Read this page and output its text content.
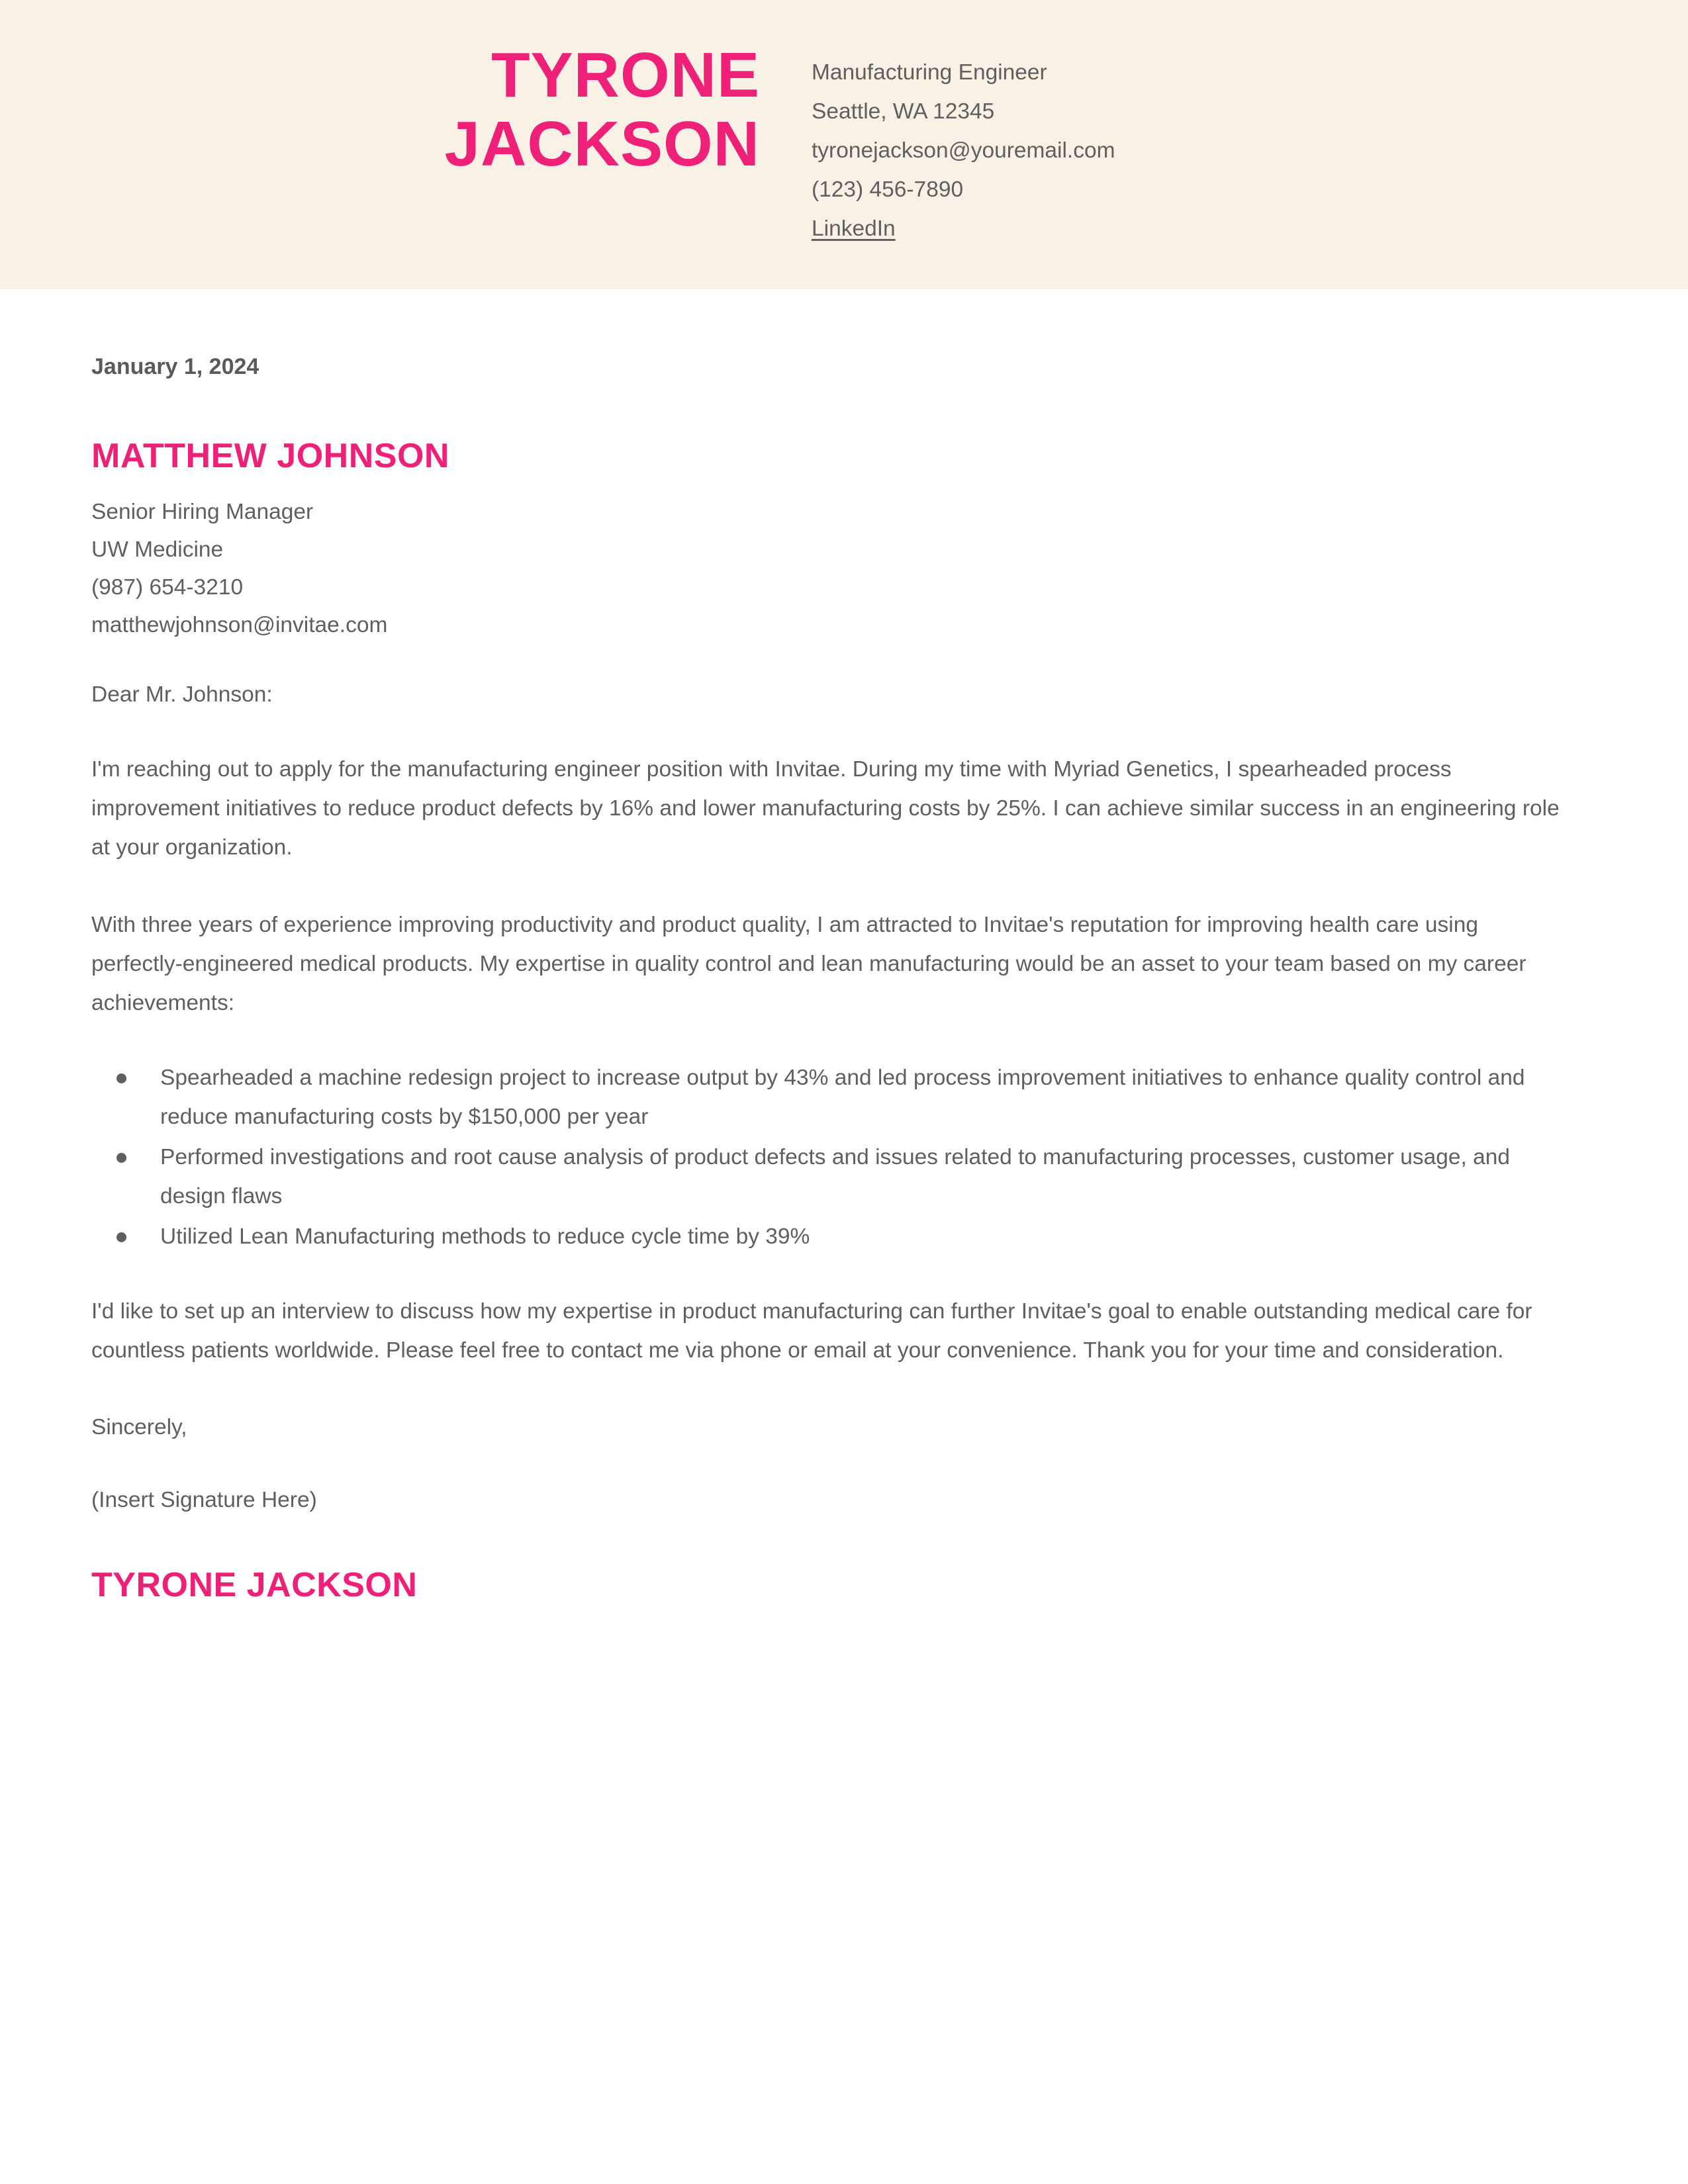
TYRONE
JACKSON
Manufacturing Engineer
Seattle, WA 12345
tyronejackson@youremail.com
(123) 456-7890
LinkedIn
January 1, 2024
MATTHEW JOHNSON
Senior Hiring Manager
UW Medicine
(987) 654-3210
matthewjohnson@invitae.com
Dear Mr. Johnson:

I'm reaching out to apply for the manufacturing engineer position with Invitae. During my time with Myriad Genetics, I spearheaded process improvement initiatives to reduce product defects by 16% and lower manufacturing costs by 25%. I can achieve similar success in an engineering role at your organization.

With three years of experience improving productivity and product quality, I am attracted to Invitae's reputation for improving health care using perfectly-engineered medical products. My expertise in quality control and lean manufacturing would be an asset to your team based on my career achievements:

Spearheaded a machine redesign project to increase output by 43% and led process improvement initiatives to enhance quality control and reduce manufacturing costs by $150,000 per year
Performed investigations and root cause analysis of product defects and issues related to manufacturing processes, customer usage, and design flaws
Utilized Lean Manufacturing methods to reduce cycle time by 39%

I'd like to set up an interview to discuss how my expertise in product manufacturing can further Invitae's goal to enable outstanding medical care for countless patients worldwide. Please feel free to contact me via phone or email at your convenience. Thank you for your time and consideration.

Sincerely,
(Insert Signature Here)
TYRONE JACKSON
